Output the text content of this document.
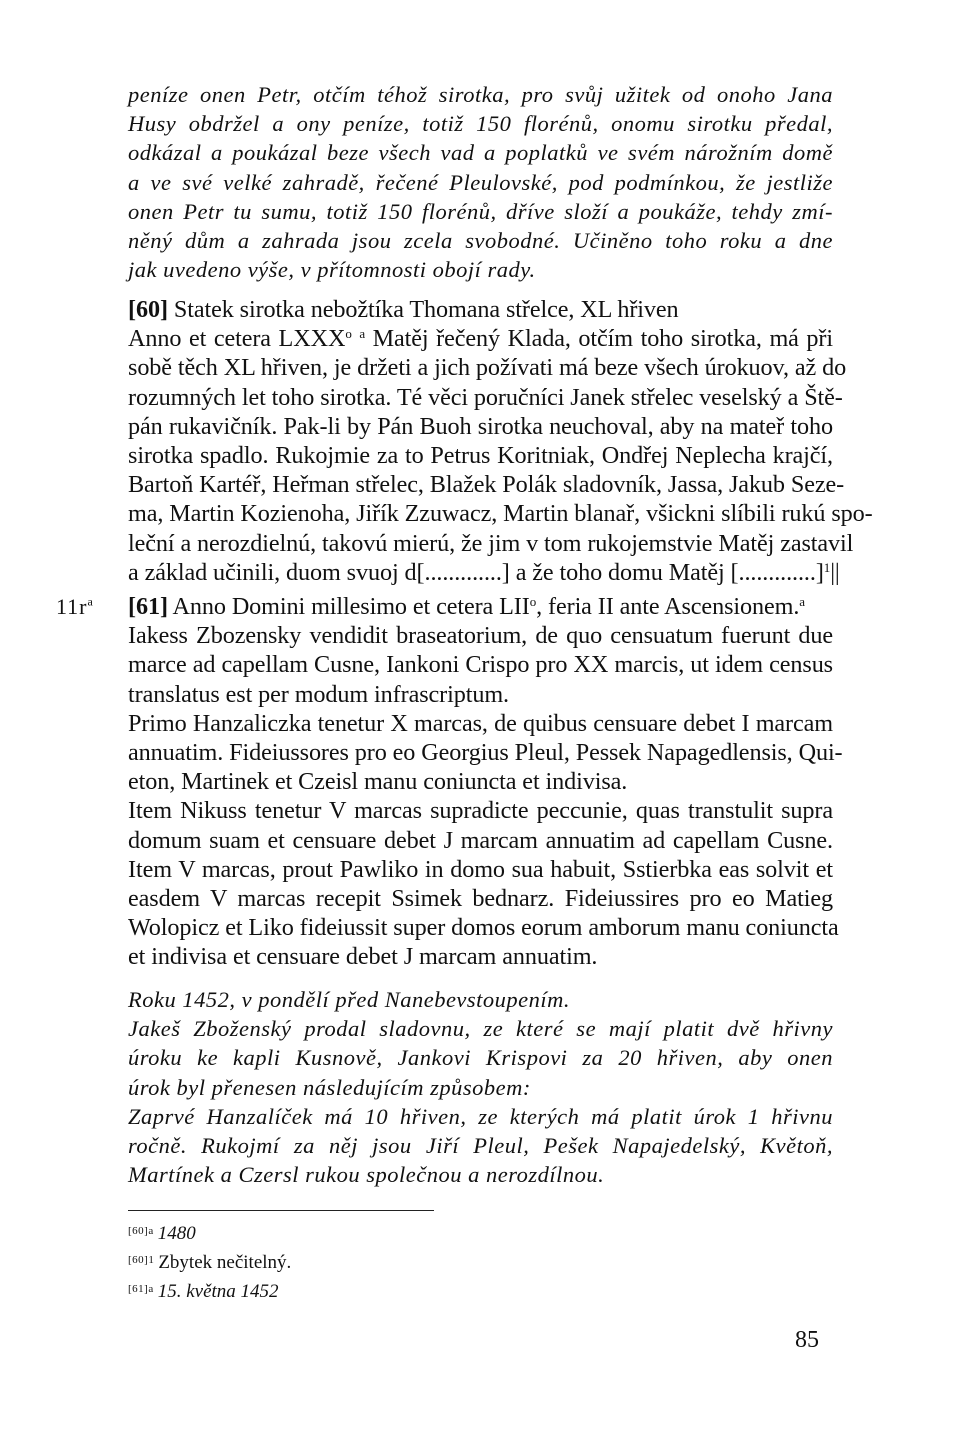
peníze onen Petr, otčím téhož sirotka, pro svůj užitek od onoho Jana
Husy obdržel a ony peníze, totiž 150 florénů, onomu sirotku předal,
odkázal a poukázal beze všech vad a poplatků ve svém nárožním domě
a ve své velké zahradě, řečené Pleulovské, pod podmínkou, že jestliže
onen Petr tu sumu, totiž 150 florénů, dříve složí a poukáže, tehdy zmí-
něný dům a zahrada jsou zcela svobodné. Učiněno toho roku a dne
jak uvedeno výše, v přítomnosti obojí rady.
[60] Statek sirotka nebožtíka Thomana střelce, XL hřiven
Anno et cetera LXXX$^o$ $^a$ Matěj řečený Klada, otčím toho sirotka, má při
sobě těch XL hřiven, je držeti a jich požívati má beze všech úrokuov, až do
rozumných let toho sirotka. Té věci poručníci Janek střelec veselský a Ště-
pán rukavičník. Pak-li by Pán Buoh sirotka neuchoval, aby na mateř toho
sirotka spadlo. Rukojmie za to Petrus Koritniak, Ondřej Neplecha krajčí,
Bartoň Kartéř, Heřman střelec, Blažek Polák sladovník, Jassa, Jakub Seze-
ma, Martin Kozienoha, Jiřík Zzuwacz, Martin blanař, všickni slíbili rukú spo-
leční a nerozdielnú, takovú mierú, že jim v tom rukojemstvie Matěj zastavil
a základ učinili, duom svuoj d[.............] a že toho domu Matěj [.............]$^1$||
$11r^a$ [61] Anno Domini millesimo et cetera LII$^o$, feria II ante Ascensionem.$^a$
Iakess Zbozensky vendidit braseatorium, de quo censuatum fuerunt due
marce ad capellam Cusne, Iankoni Crispo pro XX marcis, ut idem census
translatus est per modum infrascriptum.
Primo Hanzaliczka tenetur X marcas, de quibus censuare debet I marcam
annuatim. Fideiussores pro eo Georgius Pleul, Pessek Napagedlensis, Qui-
eton, Martinek et Czeisl manu coniuncta et indivisa.
Item Nikuss tenetur V marcas supradicte peccunie, quas transtulit supra
domum suam et censuare debet J marcam annuatim ad capellam Cusne.
Item V marcas, prout Pawliko in domo sua habuit, Sstierbka eas solvit et
easdem V marcas recepit Ssimek bednarz. Fideiussires pro eo Matieg
Wolopicz et Liko fideiussit super domos eorum amborum manu coniuncta
et indivisa et censuare debet J marcam annuatim.
Roku 1452, v pondělí před Nanebevstoupením.
Jakeš Zboženský prodal sladovnu, ze které se mají platit dvě hřivny
úroku ke kapli Kusnově, Jankovi Krispovi za 20 hřiven, aby onen
úrok byl přenesen následujícím způsobem:
Zaprvé Hanzalíček má 10 hřiven, ze kterých má platit úrok 1 hřivnu
ročně. Rukojmí za něj jsou Jiří Pleul, Pešek Napajedelský, Květoň,
Martínek a Czersl rukou společnou a nerozdílnou.
$^{[60]a}$ 1480
$^{[60]1}$ Zbytek nečitelný.
$^{[61]a}$ 15. května 1452
85
